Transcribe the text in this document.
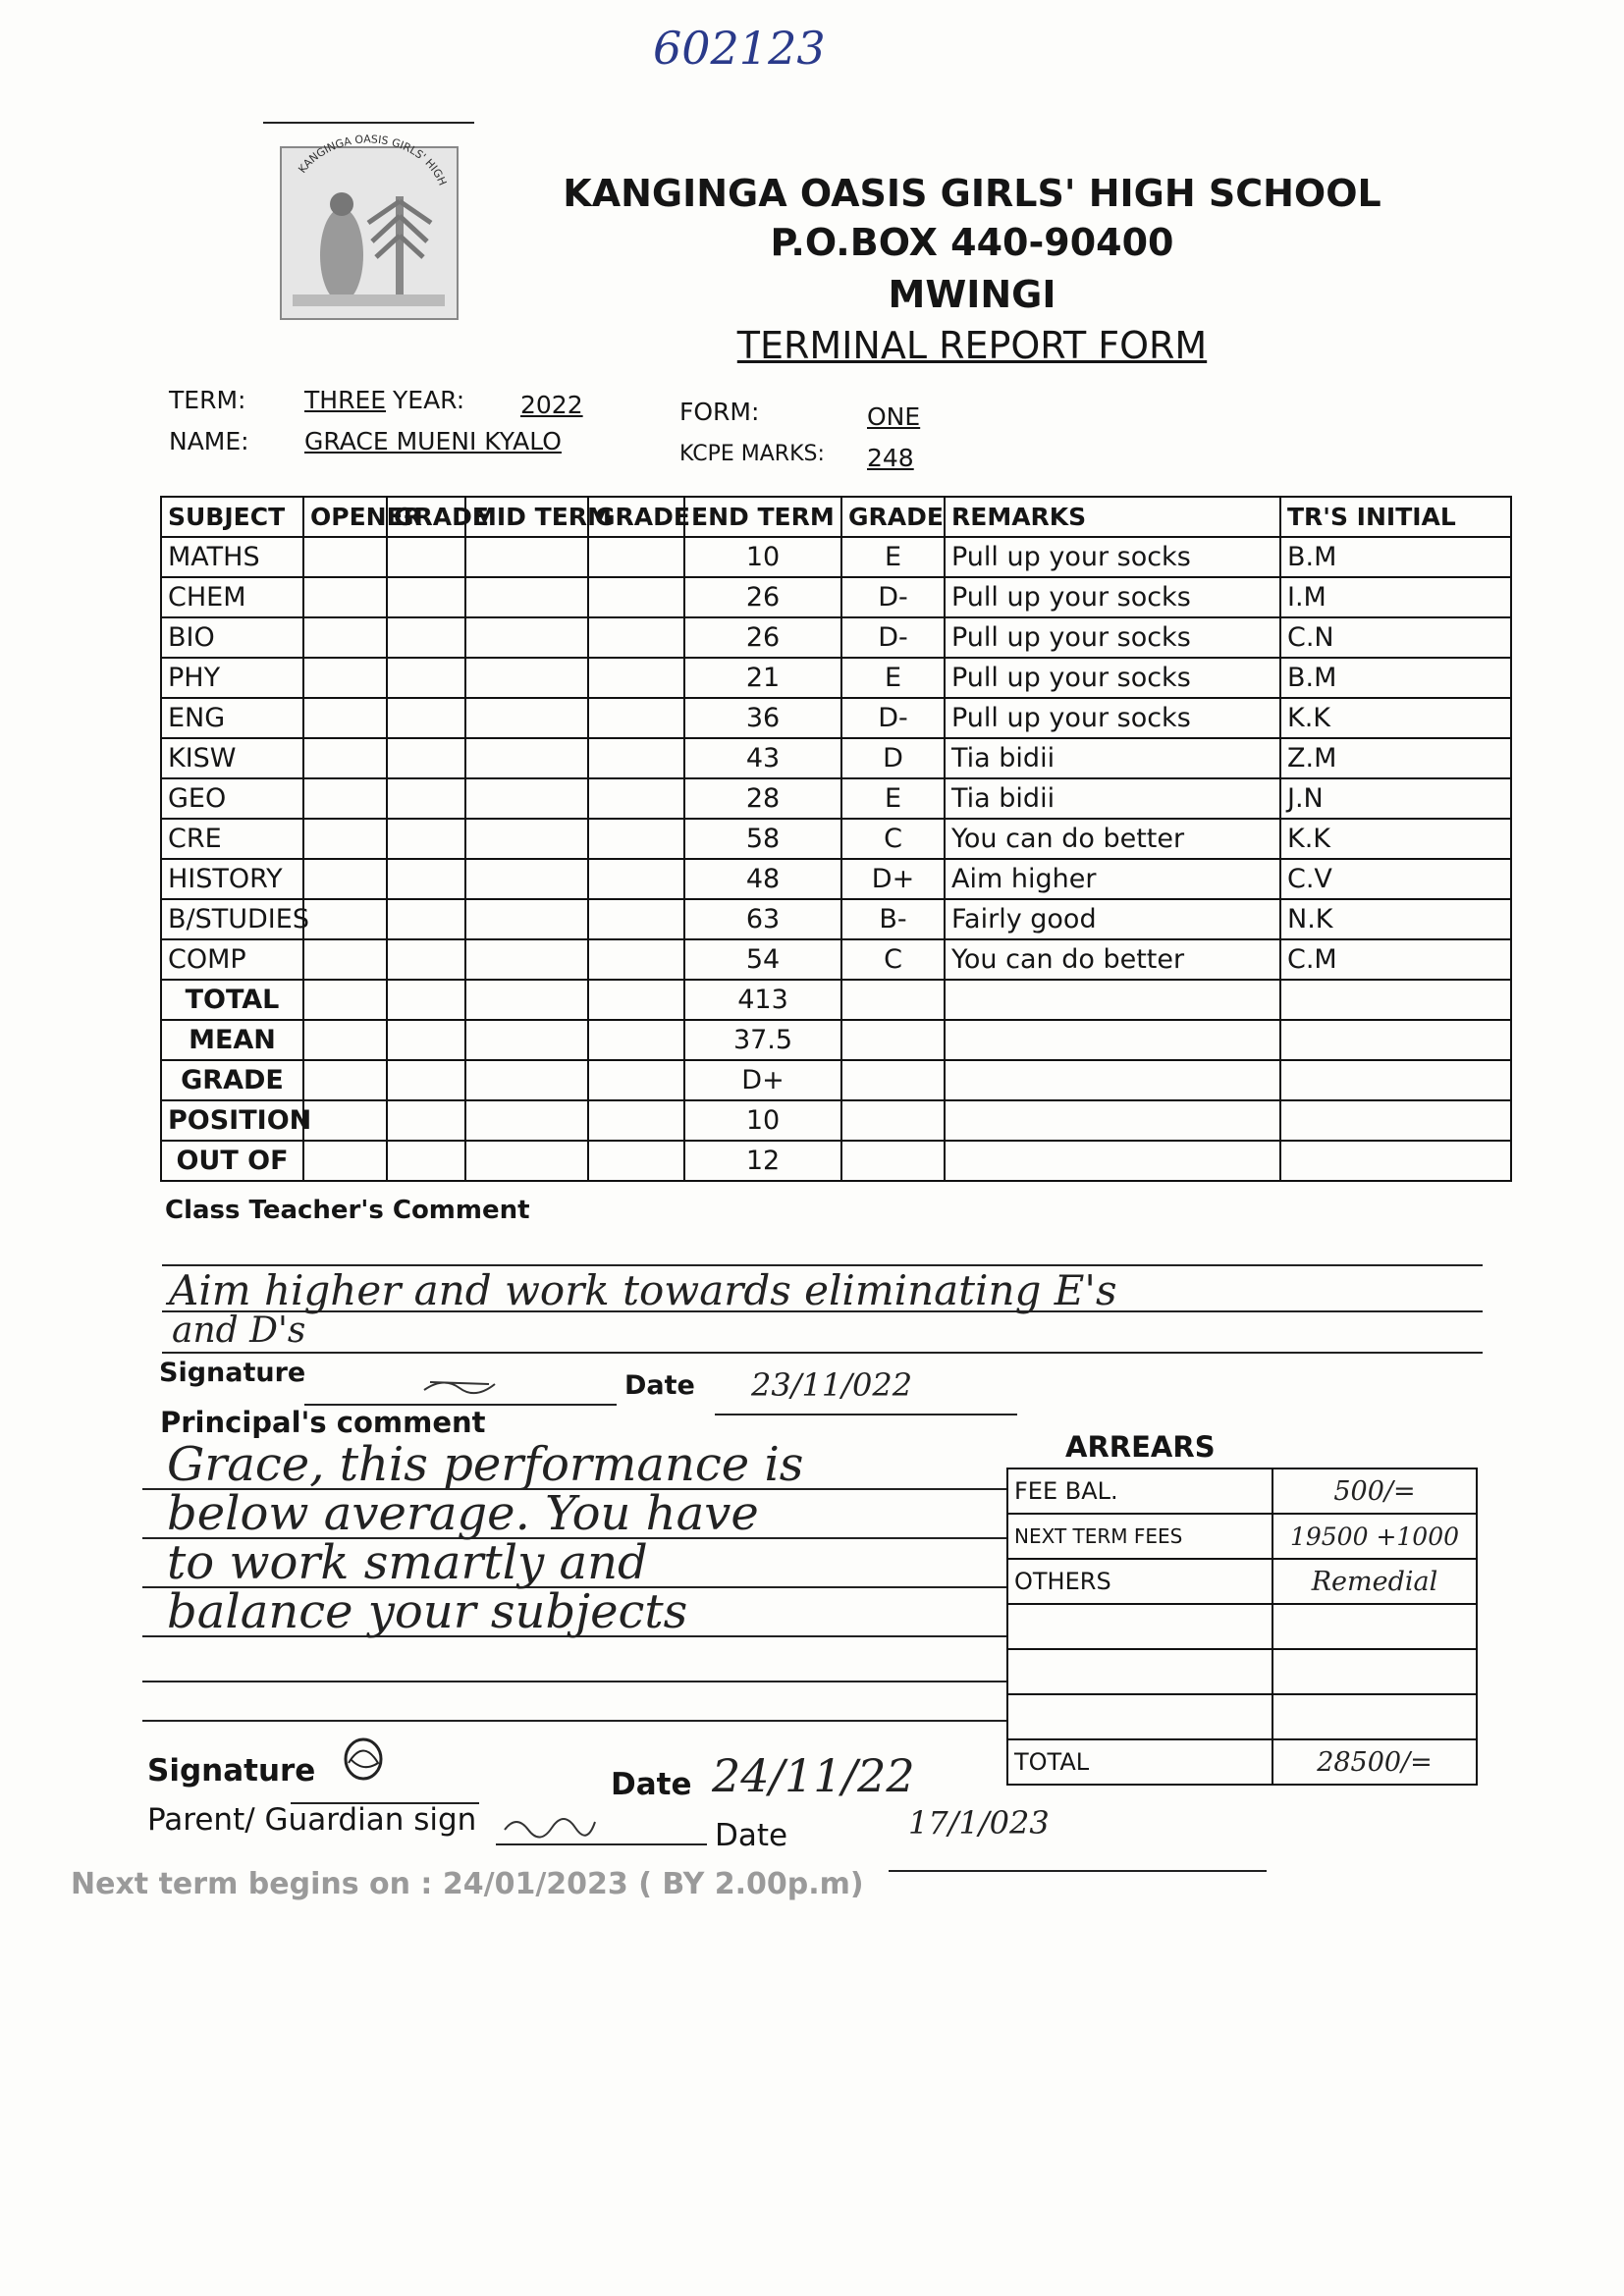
602123
KANGINGA OASIS GIRLS' HIGH	KANGINGA OASIS GIRLS' HIGH SCHOOL
P.O.BOX 440-90400
MWINGI
TERMINAL REPORT FORM
TERM: THREE YEAR: 2022	FORM:	ONE
NAME: GRACE MUENI KYALO	KCPE MARKS: 248
SUBJECT	OPENER	GRADE	MID TERM	GRADE	END TERM	GRADE	REMARKS	TR'S INITIAL
MATHS					10	E	Pull up your socks	B.M
CHEM					26	D-	Pull up your socks	I.M
BIO					26	D-	Pull up your socks	C.N
PHY					21	E	Pull up your socks	B.M
ENG					36	D-	Pull up your socks	K.K
KISW					43	D	Tia bidii	Z.M
GEO					28	E	Tia bidii	J.N
CRE					58	C	You can do better	K.K
HISTORY					48	D+	Aim higher	C.V
B/STUDIES					63	B-	Fairly good	N.K
COMP					54	C	You can do better	C.M
TOTAL					413			
MEAN					37.5			
GRADE					D+			
POSITION					10			
OUT OF					12			
Class Teacher's Comment
Aim higher and work towards eliminating E's
and D's
Signature	Date 23/11/022
Principal's comment
Grace, this performance is
below average. You have
to work smartly and
balance your subjects
Signature	Date 24/11/22
ARREARS
FEE BAL.	500/=
NEXT TERM FEES	19500 +1000
OTHERS	Remedial

TOTAL	28500/=
Parent/ Guardian sign	Date	17/1/023
Next term begins on : 24/01/2023 ( BY 2.00p.m)
